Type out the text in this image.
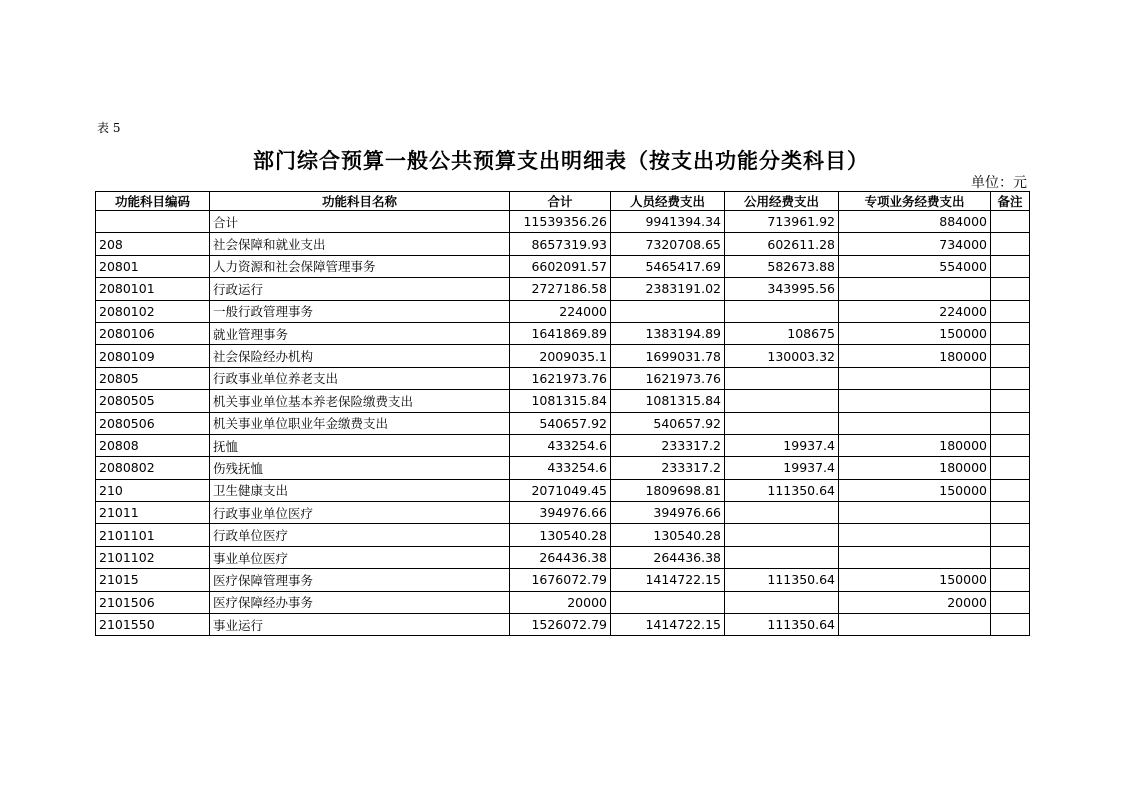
表 5
部门综合预算一般公共预算支出明细表（按支出功能分类科目）
单位：元
功能科目编码	功能科目名称	合计	人员经费支出	公用经费支出	专项业务经费支出	备注
	合计	11539356.26	9941394.34	713961.92	884000	
208	社会保障和就业支出	8657319.93	7320708.65	602611.28	734000	
20801	人力资源和社会保障管理事务	6602091.57	5465417.69	582673.88	554000	
2080101	行政运行	2727186.58	2383191.02	343995.56		
2080102	一般行政管理事务	224000			224000	
2080106	就业管理事务	1641869.89	1383194.89	108675	150000	
2080109	社会保险经办机构	2009035.1	1699031.78	130003.32	180000	
20805	行政事业单位养老支出	1621973.76	1621973.76			
2080505	机关事业单位基本养老保险缴费支出	1081315.84	1081315.84			
2080506	机关事业单位职业年金缴费支出	540657.92	540657.92			
20808	抚恤	433254.6	233317.2	19937.4	180000	
2080802	伤残抚恤	433254.6	233317.2	19937.4	180000	
210	卫生健康支出	2071049.45	1809698.81	111350.64	150000	
21011	行政事业单位医疗	394976.66	394976.66			
2101101	行政单位医疗	130540.28	130540.28			
2101102	事业单位医疗	264436.38	264436.38			
21015	医疗保障管理事务	1676072.79	1414722.15	111350.64	150000	
2101506	医疗保障经办事务	20000			20000	
2101550	事业运行	1526072.79	1414722.15	111350.64		
